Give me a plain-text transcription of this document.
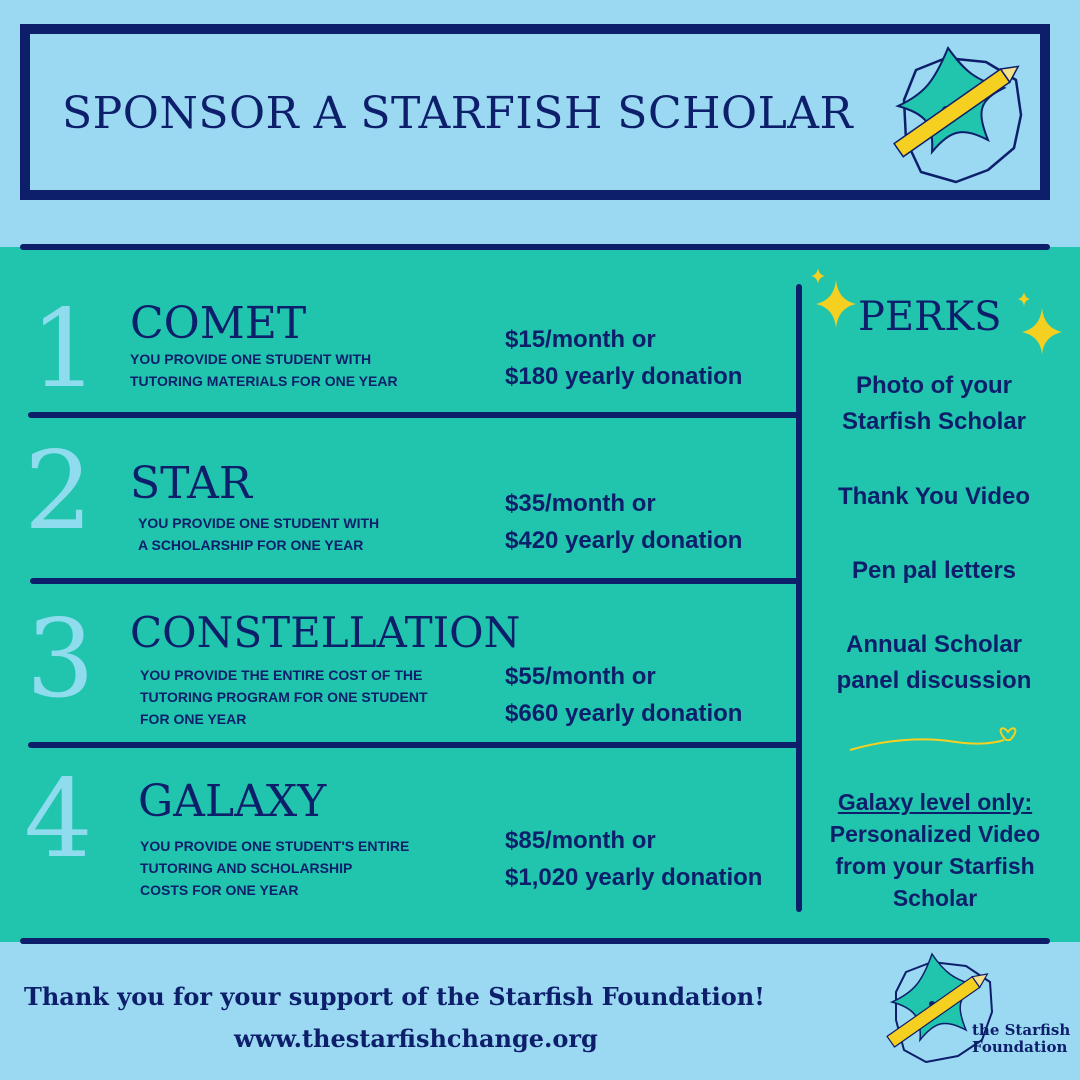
SPONSOR A STARFISH SCHOLAR
1 COMET
YOU PROVIDE ONE STUDENT WITH
TUTORING MATERIALS FOR ONE YEAR
$15/month or
$180 yearly donation
2 STAR
YOU PROVIDE ONE STUDENT WITH
A SCHOLARSHIP FOR ONE YEAR
$35/month or
$420 yearly donation
3 CONSTELLATION
YOU PROVIDE THE ENTIRE COST OF THE
TUTORING PROGRAM FOR ONE STUDENT
FOR ONE YEAR
$55/month or
$660 yearly donation
4 GALAXY
YOU PROVIDE ONE STUDENT'S ENTIRE
TUTORING AND SCHOLARSHIP
COSTS FOR ONE YEAR
$85/month or
$1,020 yearly donation
PERKS
Photo of your
Starfish Scholar
Thank You Video
Pen pal letters
Annual Scholar
panel discussion
Galaxy level only:
Personalized Video
from your Starfish
Scholar
Thank you for your support of the Starfish Foundation!
www.thestarfishchange.org	the Starfish
Foundation
